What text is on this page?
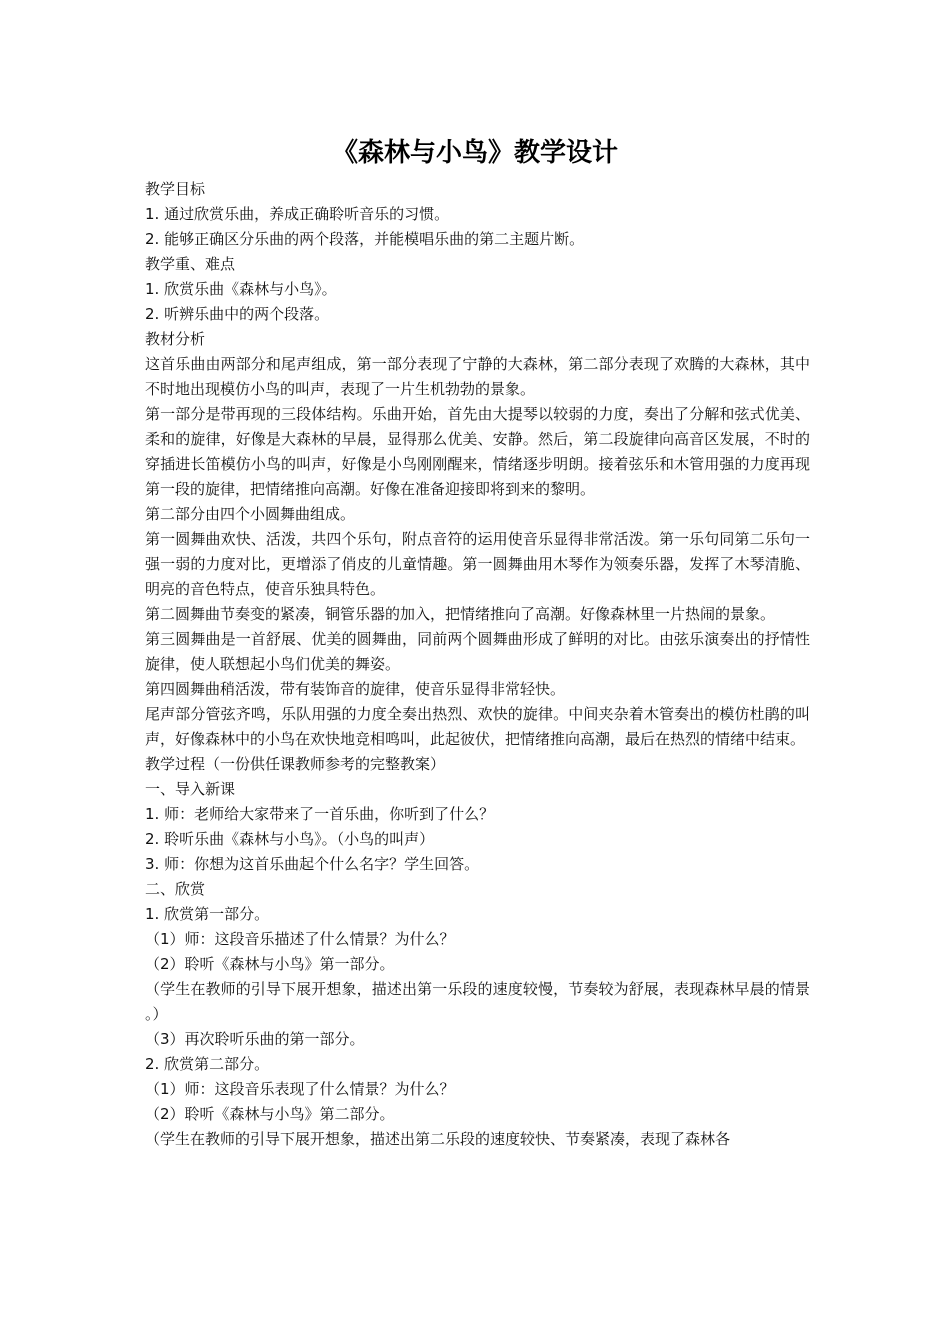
《森林与小鸟》教学设计

教学目标

1. 通过欣赏乐曲，养成正确聆听音乐的习惯。

2. 能够正确区分乐曲的两个段落，并能模唱乐曲的第二主题片断。

教学重、难点

1. 欣赏乐曲《森林与小鸟》。

2. 听辨乐曲中的两个段落。

教材分析

这首乐曲由两部分和尾声组成，第一部分表现了宁静的大森林，第二部分表现了欢腾的大森林，其中不时地出现模仿小鸟的叫声，表现了一片生机勃勃的景象。

第一部分是带再现的三段体结构。乐曲开始，首先由大提琴以较弱的力度，奏出了分解和弦式优美、柔和的旋律，好像是大森林的早晨，显得那么优美、安静。然后，第二段旋律向高音区发展，不时的穿插进长笛模仿小鸟的叫声，好像是小鸟刚刚醒来，情绪逐步明朗。接着弦乐和木管用强的力度再现第一段的旋律，把情绪推向高潮。好像在准备迎接即将到来的黎明。

第二部分由四个小圆舞曲组成。

第一圆舞曲欢快、活泼，共四个乐句，附点音符的运用使音乐显得非常活泼。第一乐句同第二乐句一强一弱的力度对比，更增添了俏皮的儿童情趣。第一圆舞曲用木琴作为领奏乐器，发挥了木琴清脆、明亮的音色特点，使音乐独具特色。

第二圆舞曲节奏变的紧凑，铜管乐器的加入，把情绪推向了高潮。好像森林里一片热闹的景象。

第三圆舞曲是一首舒展、优美的圆舞曲，同前两个圆舞曲形成了鲜明的对比。由弦乐演奏出的抒情性旋律，使人联想起小鸟们优美的舞姿。

第四圆舞曲稍活泼，带有装饰音的旋律，使音乐显得非常轻快。

尾声部分管弦齐鸣，乐队用强的力度全奏出热烈、欢快的旋律。中间夹杂着木管奏出的模仿杜鹃的叫声，好像森林中的小鸟在欢快地竞相鸣叫，此起彼伏，把情绪推向高潮，最后在热烈的情绪中结束。

教学过程（一份供任课教师参考的完整教案）

一、导入新课

1. 师：老师给大家带来了一首乐曲，你听到了什么？

2. 聆听乐曲《森林与小鸟》。（小鸟的叫声）

3. 师：你想为这首乐曲起个什么名字？学生回答。

二、欣赏

1. 欣赏第一部分。

（1）师：这段音乐描述了什么情景？为什么？

（2）聆听《森林与小鸟》第一部分。

（学生在教师的引导下展开想象，描述出第一乐段的速度较慢，节奏较为舒展，表现森林早晨的情景。）

（3）再次聆听乐曲的第一部分。

2. 欣赏第二部分。

（1）师：这段音乐表现了什么情景？为什么？

（2）聆听《森林与小鸟》第二部分。

（学生在教师的引导下展开想象，描述出第二乐段的速度较快、节奏紧凑，表现了森林各
